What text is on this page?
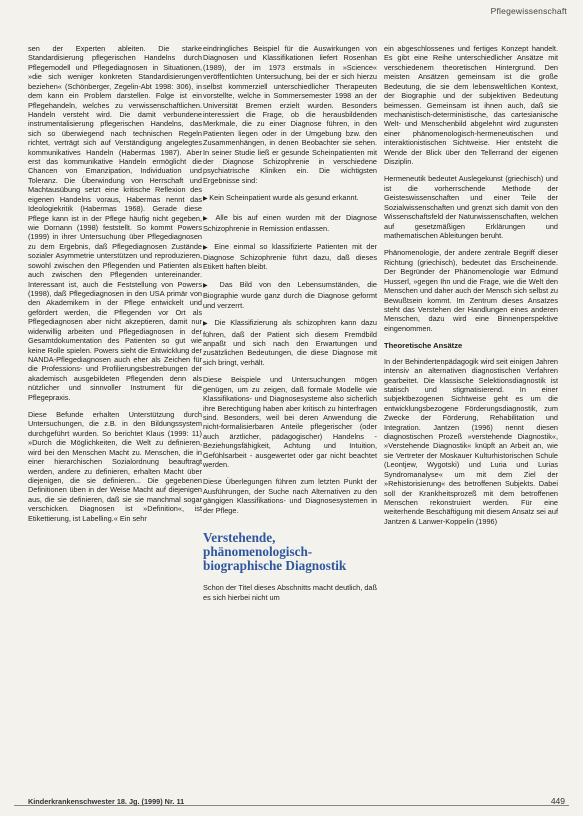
Pflegewissenschaft

sen der Experten ableiten. Die starke Standardisierung pflegerischen Handelns durch Pflegemodell und Pflegediagnosen in Situationen, »die sich weniger konkreten Standardisierungen beziehen« (Schönberger, Zegelin-Abt 1998: 306), in dem kann ein Problem darstellen. Folge ist ein Pflegehandeln, welches zu verwissenschaftlichen. Handeln versteht wird. Die damit verbundene instrumentalisierung pflegerischen Handelns, das sich so überwiegend nach technischen Regeln richtet, verträgt sich auf Verständigung angelegtes kommunikatives Handeln (Habermas 1987). Aber erst das kommunikative Handeln ermöglicht die Chancen von Emanzipation, Individuation und Toleranz. Die Überwindung von Herrschaft und Machtausübung setzt eine kritische Reflexion des eigenen Handelns voraus, Habermas nennt das Ideologiekritik (Habermas 1968). Gerade diese Pflege kann ist in der Pflege häufig nicht gegeben, wie Dornann (1998) feststellt. So kommt Powers (1999) in ihrer Untersuchung über Pflegediagnosen zu dem Ergebnis, daß Pflegediagnosen Zustände sozialer Asymmetrie unterstützen und reproduzieren, sowohl zwischen den Pflegenden und Patienten als auch zwischen den Pflegenden untereinander. Interessant ist, auch die Feststellung von Powers (1998), daß Pflegediagnosen in den USA primär von den Akademikern in der Pflege entwickelt und gefördert werden, die Pflegenden vor Ort als Pflegediagnosen aber nicht akzeptieren, damit nur widerwillig arbeiten und Pflegediagnosen in der Gesamtdokumentation des Patienten so gut wie keine Rolle spielen. Powers sieht die Entwicklung der NANDA-Pflegediagnosen auch eher als Zeichen für die Professions- und Profilierungsbestrebungen der akademisch ausgebildeten Pflegenden denn als nützlicher und sinnvoller Instrument für die Pflegepraxis.

Diese Befunde erhalten Unterstützung durch Untersuchungen, die z.B. in den Bildungssystem durchgeführt wurden. So berichtet Klaus (1999: 11) »Durch die Möglichkeiten, die Welt zu definieren, wird bei den Menschen Macht zu. Menschen, die in einer hierarchischen Sozialordnung beauftragt werden, andere zu definieren, erhalten Macht über diejenigen, die sie definieren... Die gegebenen Definitionen üben in der Weise Macht auf diejenigen aus, die sie definieren, daß sie sie manchmal sogar verschicken. Diagnosen ist »Definition«, ist Etikettierung, ist Labelling.« Ein sehr

eindringliches Beispiel für die Auswirkungen von Diagnosen und Klassifikationen liefert Rosenhan (1989), der im 1973 erstmals in »Science« veröffentlichten Untersuchung, bei der er sich hierzu selbst kommerziell unterschiedlicher Therapeuten vorstellte, welche in Sommersemester 1998 an der Universität Bremen erzielt wurden. Besonders interessiert die Frage, ob die herausbildenden Merkmale, die zu einer Diagnose führen, in den Patienten liegen oder in der Umgebung bzw. den Zusammenhängen, in denen Beobachter sie sehen. In seiner Studie ließ er gesunde Scheinpatienten mit der Diagnose Schizophrenie in verschiedene psychiatrische Kliniken ein. Die wichtigsten Ergebnisse sind:

▶ Kein Scheinpatient wurde als gesund erkannt.
▶ Alle bis auf einen wurden mit der Diagnose Schizophrenie in Remission entlassen.
▶ Eine einmal so klassifizierte Patienten mit der Diagnose Schizophrenie führt dazu, daß dieses Etikett haften bleibt.
▶ Das Bild von den Lebensumständen, die Biographie wurde ganz durch die Diagnose geformt und verzerrt.
▶ Die Klassifizierung als schizophren kann dazu führen, daß der Patient sich diesem Fremdbild anpaßt und sich nach den Erwartungen und zusätzlichen Bedeutungen, die diese Diagnose mit sich bringt, verhält.

Diese Beispiele und Untersuchungen mögen genügen, um zu zeigen, daß formale Modelle wie Klassifikations- und Diagnosesysteme also sicherlich ihre Berechtigung haben aber kritisch zu hinterfragen sind. Besonders, weil bei deren Anwendung die nicht-formalisierbaren Anteile pflegerischer (oder auch ärztlicher, pädagogischer) Handelns - Beziehungsfähigkeit, Achtung und Intuition, Gefühlsarbeit - ausgewertet oder gar nicht beachtet werden.

Diese Überlegungen führen zum letzten Punkt der Ausführungen, der Suche nach Alternativen zu den gängigen Klassifikations- und Diagnosesystemen in der Pflege.

Verstehende, phänomenologisch-biographische Diagnostik

Schon der Titel dieses Abschnitts macht deutlich, daß es sich hierbei nicht um

ein abgeschlossenes und fertiges Konzept handelt. Es gibt eine Reihe unterschiedlicher Ansätze mit verschiedenem theoretischen Hintergrund. Den meisten Ansätzen gemeinsam ist die große Bedeutung, die sie dem lebensweltlichen Kontext, der Biographie und der subjektiven Bedeutung beimessen. Gemeinsam ist ihnen auch, daß sie mechanistisch-deterministische, das cartesianische Welt- und Menschenbild abgelehnt wird zugunsten einer phänomenologisch-hermeneutischen und interaktionistischen Sichtweise. Hier entsteht die Wende der Blick über den Tellerrand der eigenen Disziplin.

Hermeneutik bedeutet Auslegekunst (griechisch) und ist die vorherrschende Methode der Geisteswissenschaften und einer Teile der Sozialwissenschaften und grenzt sich damit von den Wissenschaftsfeld der Naturwissenschaften, welchen auf gesetzmäßigen Erklärungen und mathematischen Ableitungen beruht.

Phänomenologie, der andere zentrale Begriff dieser Richtung (griechisch), bedeutet das Erscheinende. Der Begründer der Phänomenologie war Edmund Husserl, »gegen Ihn und die Frage, wie die Welt den Menschen und daher auch der Mensch sich selbst zu Bewußtsein kommt. Im Zentrum dieses Ansatzes steht das Verstehen der Handlungen eines anderen Menschen, dazu wird eine Binnenperspektive eingenommen.

Theoretische Ansätze

In der Behindertenpädagogik wird seit einigen Jahren intensiv an alternativen diagnostischen Verfahren gearbeitet. Die klassische Selektionsdiagnostik ist statisch und stigmatisierend. In einer subjektbezogenen Sichtweise geht es um die entwicklungsbezogene Förderungsdiagnostik, zum Zwecke der Förderung, Rehabilitation und Integration. Jantzen (1996) nennt diesen diagnostischen Prozeß »verstehende Diagnostik«, »Verstehende Diagnostik« knüpft an Arbeit an, wie sie Vertreter der Moskauer Kulturhistorischen Schule (Leontjew, Wygotski) und Luria und Lurias Syndromanalyse« um mit dem Ziel der »Rehistorisierung« des betroffenen Subjekts. Dabei soll der Krankheitsprozeß mit dem betroffenen Menschen rekonstruiert werden. Für eine weiterhende Beschäftigung mit diesem Ansatz sei auf Jantzen & Lanwer-Koppelin (1996)

Kinderkrankenschwester 18. Jg. (1999) Nr. 11	449
